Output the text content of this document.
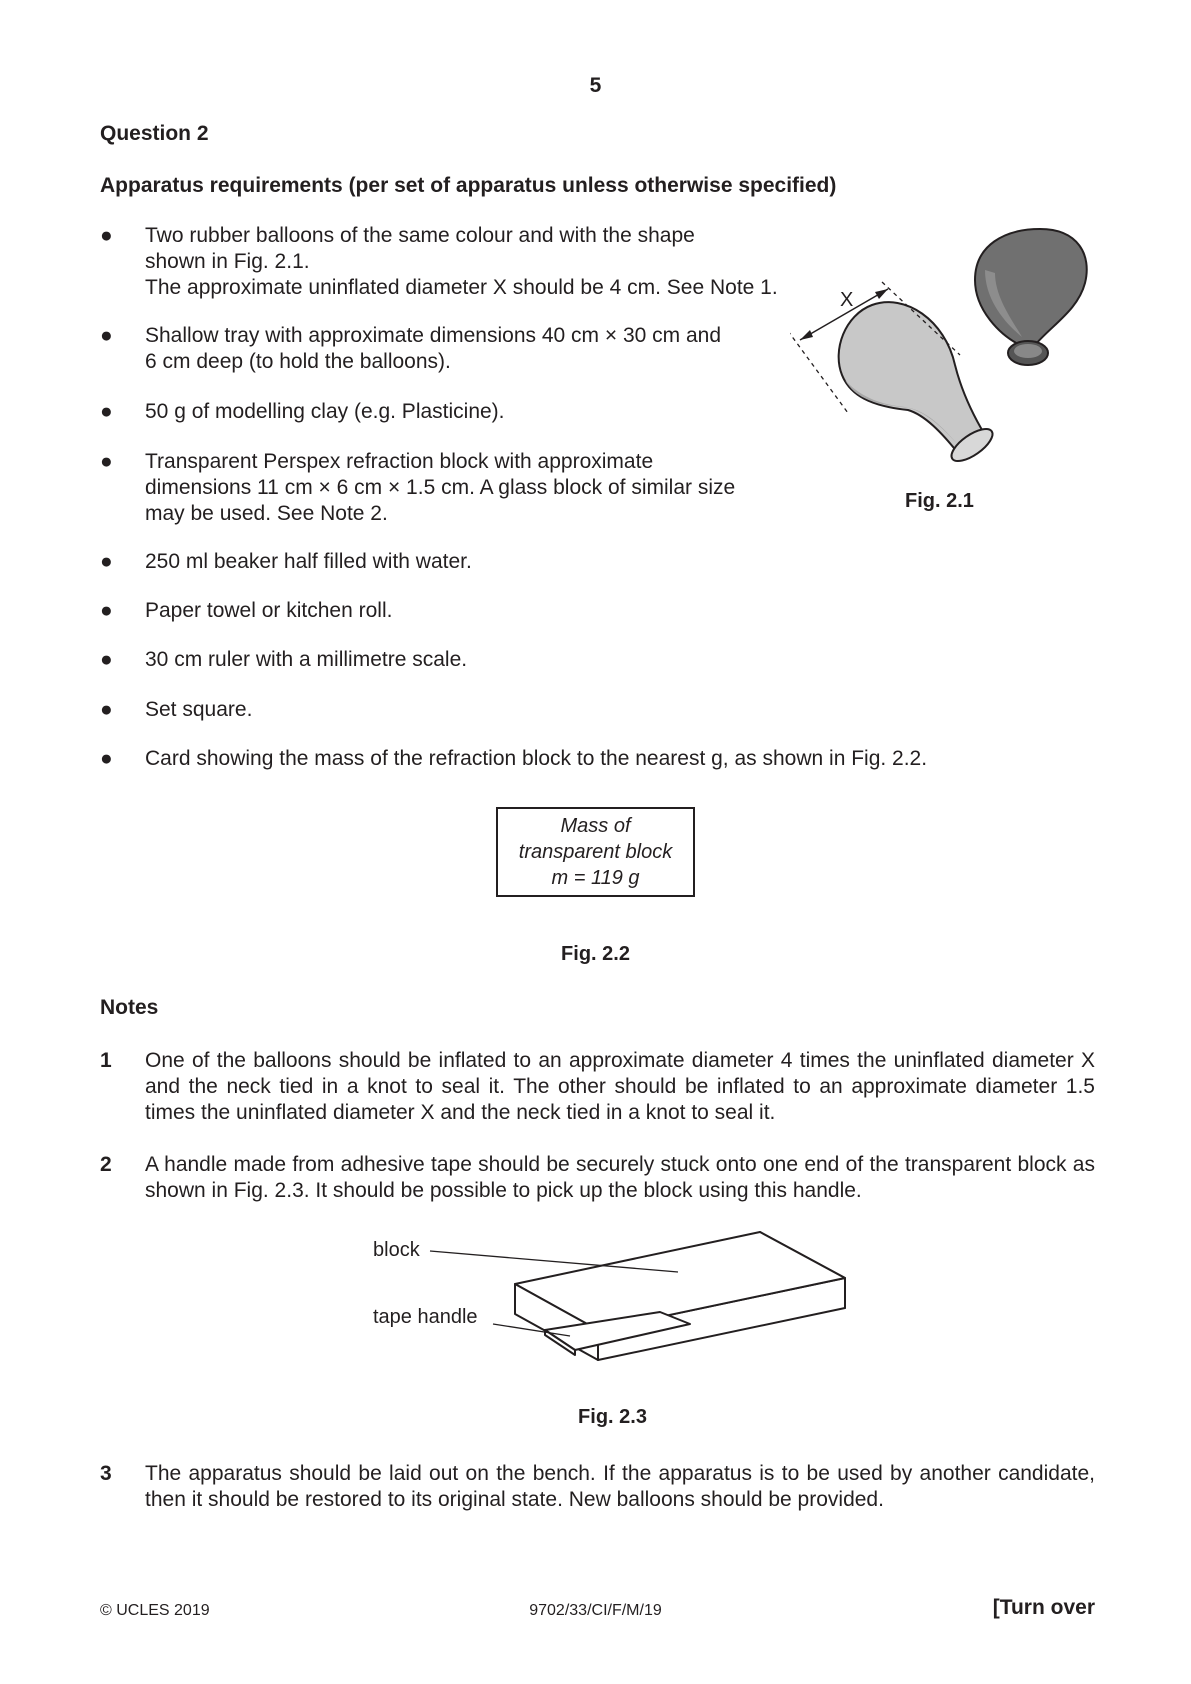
5
Question 2
Apparatus requirements (per set of apparatus unless otherwise specified)
●	Two rubber balloons of the same colour and with the shape
shown in Fig. 2.1.
The approximate uninflated diameter X should be 4 cm. See Note 1.
●	Shallow tray with approximate dimensions 40 cm × 30 cm and
6 cm deep (to hold the balloons).
●	50 g of modelling clay (e.g. Plasticine).
●	Transparent Perspex refraction block with approximate
dimensions 11 cm × 6 cm × 1.5 cm. A glass block of similar size
may be used. See Note 2.
●	250 ml beaker half filled with water.
●	Paper towel or kitchen roll.
●	30 cm ruler with a millimetre scale.
●	Set square.
●	Card showing the mass of the refraction block to the nearest g, as shown in Fig. 2.2.
X
Fig. 2.1
Mass of
transparent block
m = 119 g
Fig. 2.2
Notes
1 One of the balloons should be inflated to an approximate diameter 4 times the uninflated diameter X and the neck tied in a knot to seal it. The other should be inflated to an approximate diameter 1.5 times the uninflated diameter X and the neck tied in a knot to seal it.
2 A handle made from adhesive tape should be securely stuck onto one end of the transparent block as shown in Fig. 2.3. It should be possible to pick up the block using this handle.
block
tape handle
Fig. 2.3
3 The apparatus should be laid out on the bench. If the apparatus is to be used by another candidate, then it should be restored to its original state. New balloons should be provided.
© UCLES 2019	9702/33/CI/F/M/19	[Turn over
